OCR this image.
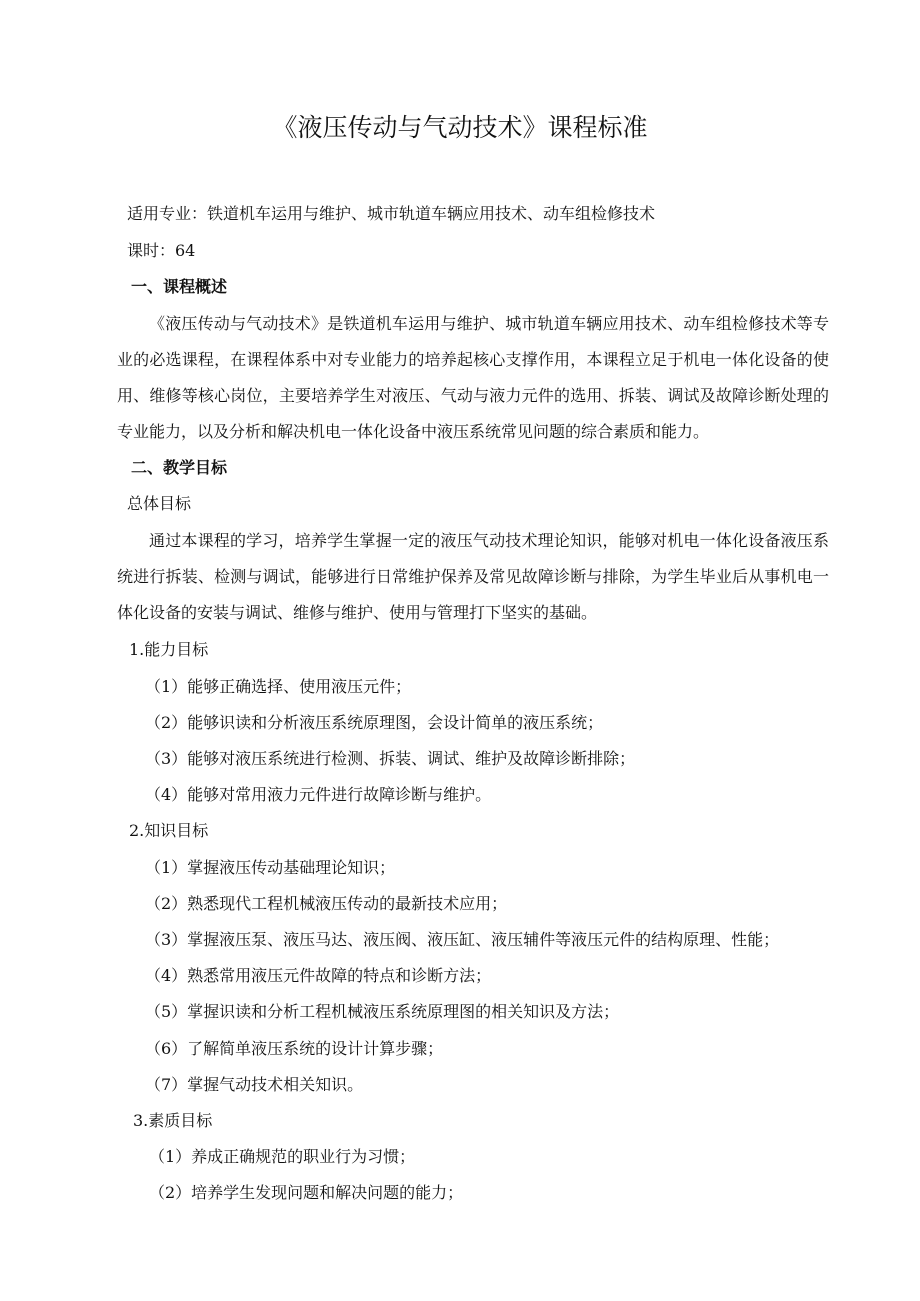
《液压传动与气动技术》课程标准
适用专业：铁道机车运用与维护、城市轨道车辆应用技术、动车组检修技术
课时：64
一、课程概述
《液压传动与气动技术》是铁道机车运用与维护、城市轨道车辆应用技术、动车组检修技术等专业的必选课程，在课程体系中对专业能力的培养起核心支撑作用，本课程立足于机电一体化设备的使用、维修等核心岗位，主要培养学生对液压、气动与液力元件的选用、拆装、调试及故障诊断处理的专业能力，以及分析和解决机电一体化设备中液压系统常见问题的综合素质和能力。
二、教学目标
总体目标
通过本课程的学习，培养学生掌握一定的液压气动技术理论知识，能够对机电一体化设备液压系统进行拆装、检测与调试，能够进行日常维护保养及常见故障诊断与排除，为学生毕业后从事机电一体化设备的安装与调试、维修与维护、使用与管理打下坚实的基础。
1.能力目标
（1）能够正确选择、使用液压元件；
（2）能够识读和分析液压系统原理图，会设计简单的液压系统；
（3）能够对液压系统进行检测、拆装、调试、维护及故障诊断排除；
（4）能够对常用液力元件进行故障诊断与维护。
2.知识目标
（1）掌握液压传动基础理论知识；
（2）熟悉现代工程机械液压传动的最新技术应用；
（3）掌握液压泵、液压马达、液压阀、液压缸、液压辅件等液压元件的结构原理、性能；
（4）熟悉常用液压元件故障的特点和诊断方法；
（5）掌握识读和分析工程机械液压系统原理图的相关知识及方法；
（6）了解简单液压系统的设计计算步骤；
（7）掌握气动技术相关知识。
3.素质目标
（1）养成正确规范的职业行为习惯；
（2）培养学生发现问题和解决问题的能力；
